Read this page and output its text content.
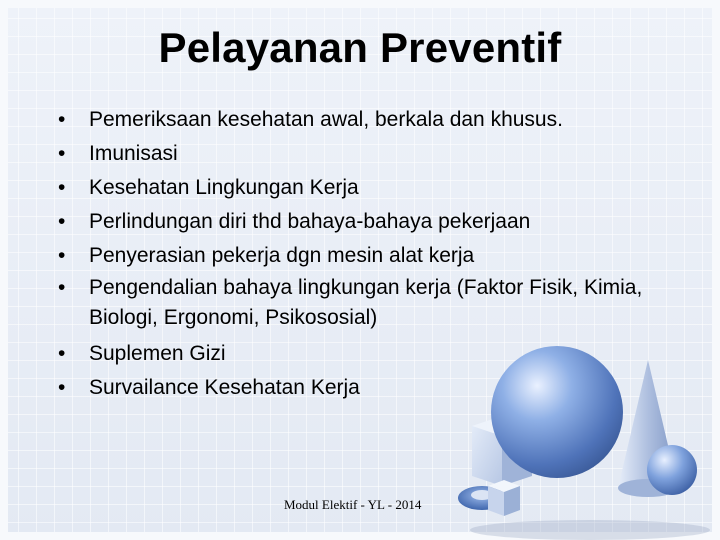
Pelayanan Preventif
• Pemeriksaan kesehatan awal, berkala dan khusus.
• Imunisasi
• Kesehatan Lingkungan Kerja
• Perlindungan diri thd bahaya-bahaya pekerjaan
• Penyerasian pekerja dgn mesin alat kerja
• Pengendalian bahaya lingkungan kerja (Faktor Fisik, Kimia, Biologi, Ergonomi, Psikososial)
• Suplemen Gizi
• Survailance Kesehatan Kerja
Modul Elektif - YL - 2014
